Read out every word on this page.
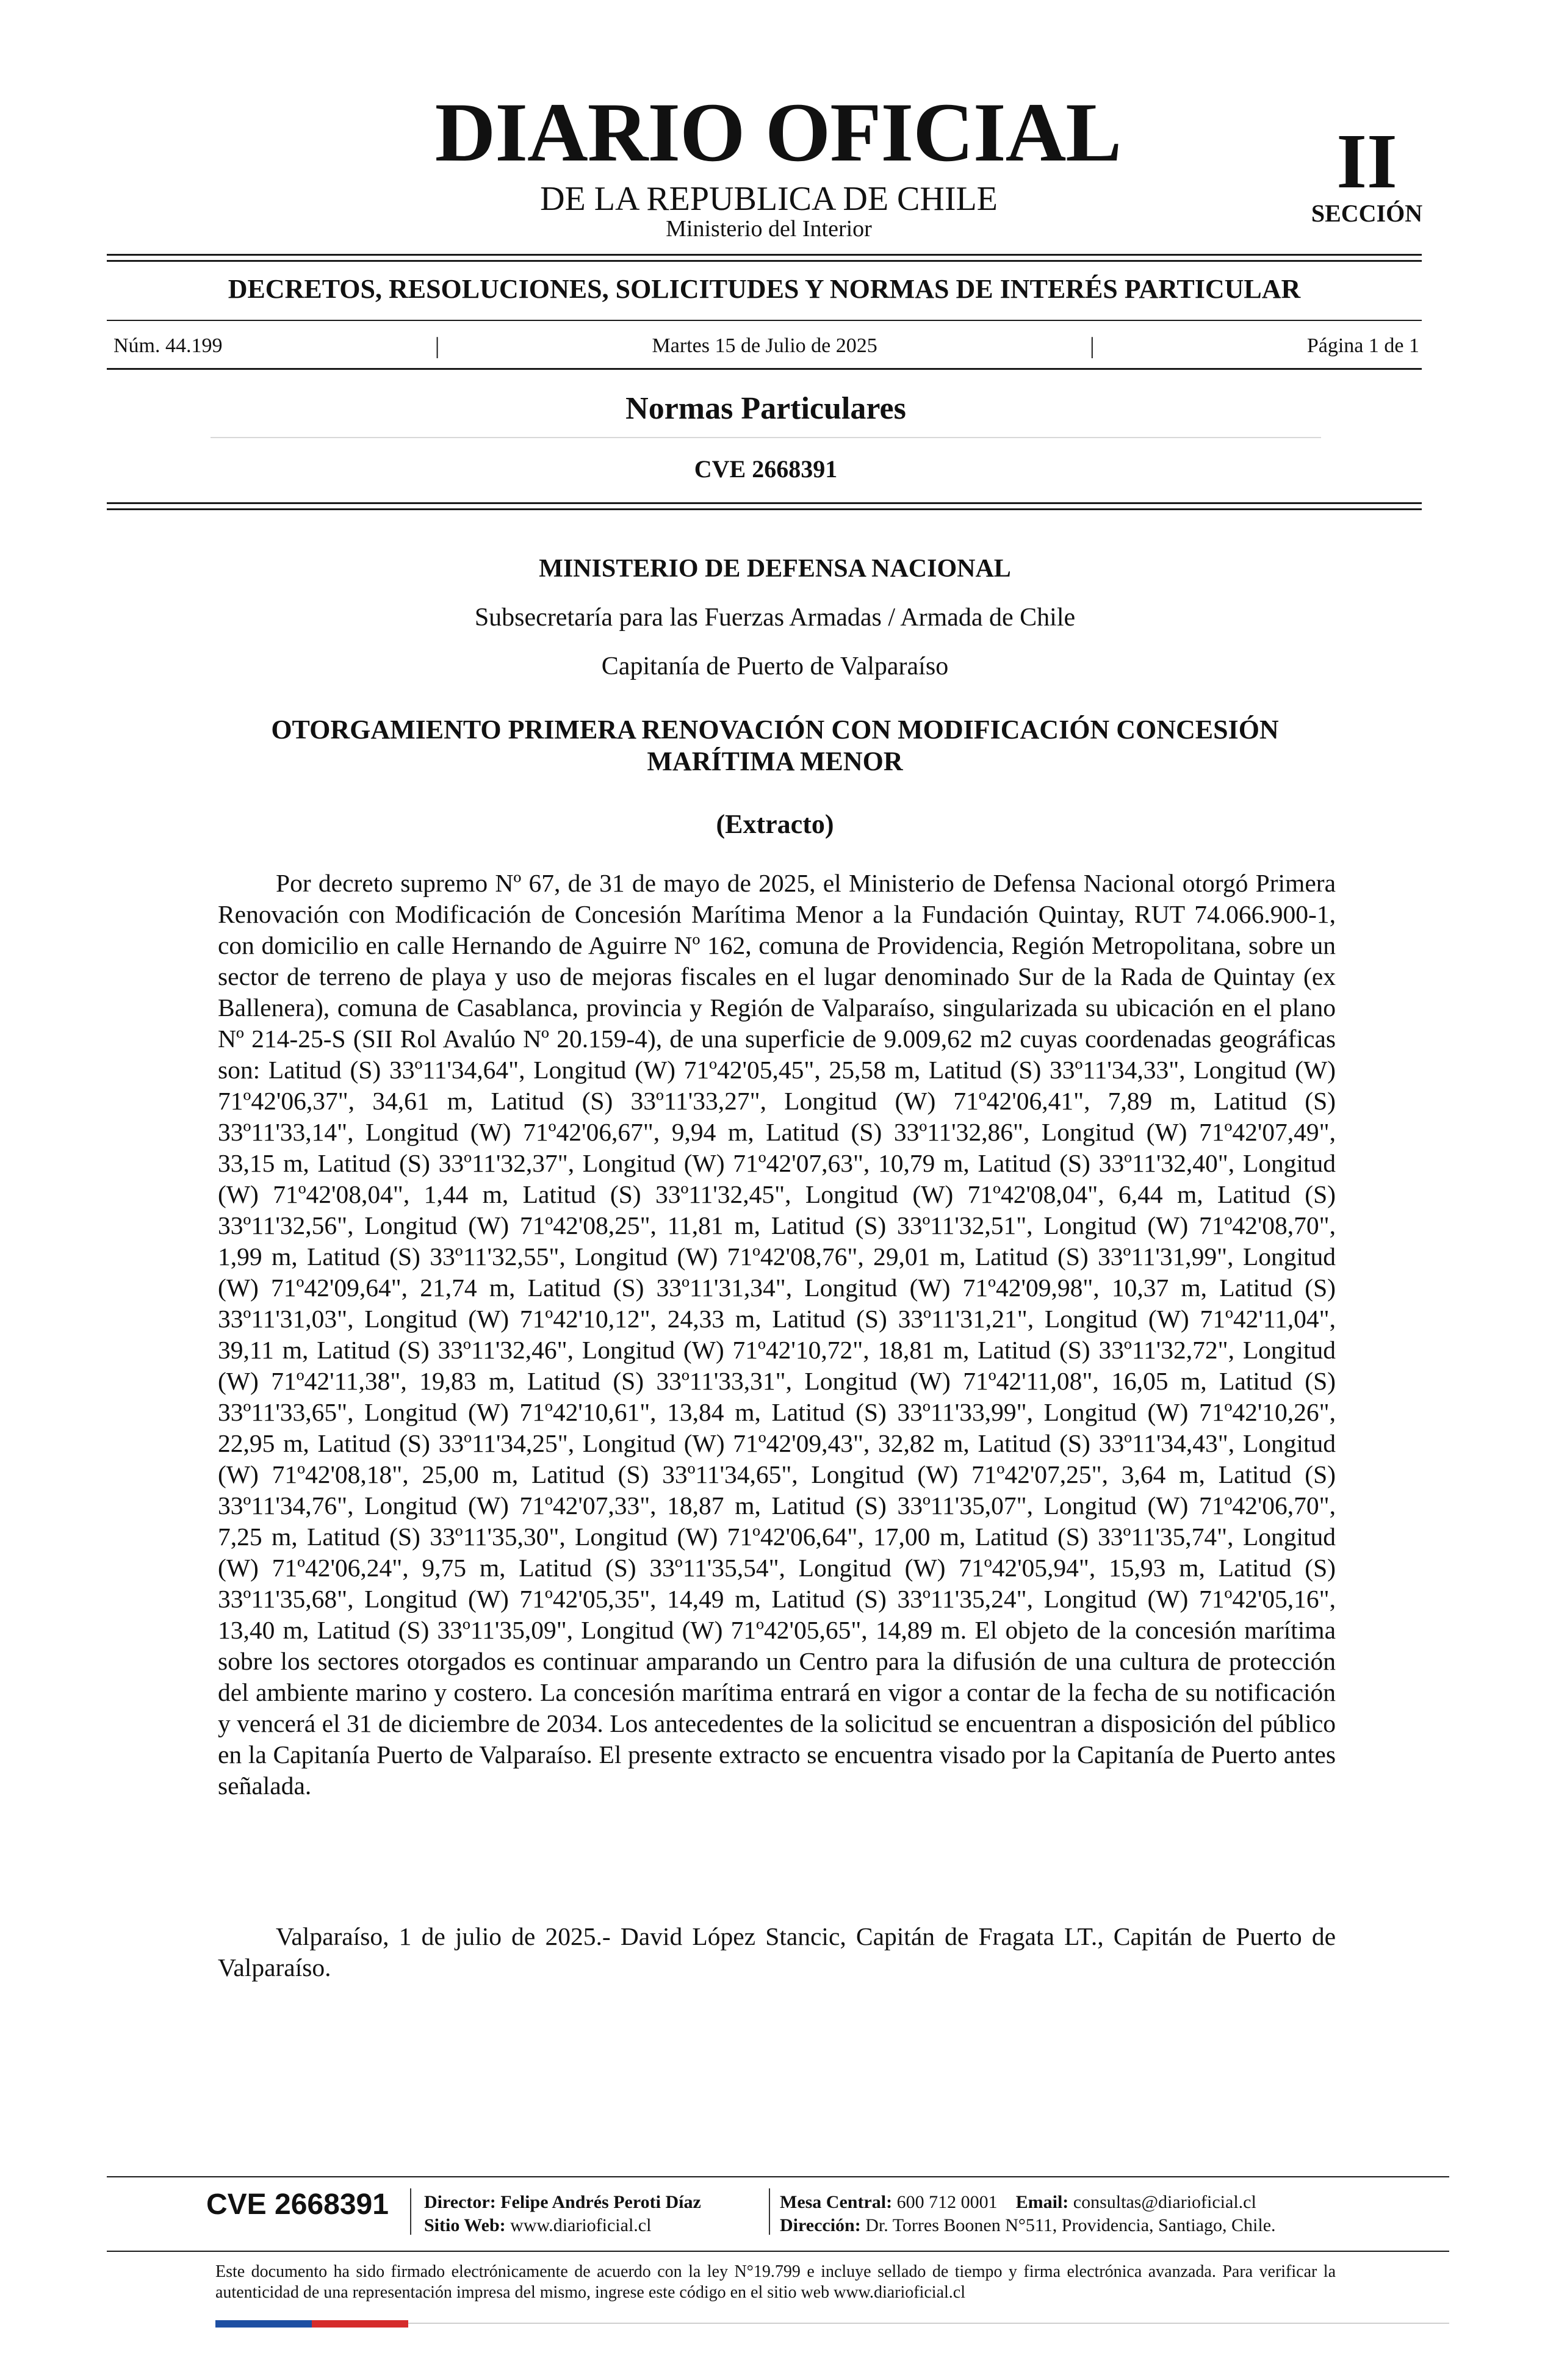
DIARIO OFICIAL
DE LA REPUBLICA DE CHILE
Ministerio del Interior
II
SECCIÓN
DECRETOS, RESOLUCIONES, SOLICITUDES Y NORMAS DE INTERÉS PARTICULAR
Núm. 44.199	|	Martes 15 de Julio de 2025	|	Página 1 de 1
Normas Particulares
CVE 2668391
MINISTERIO DE DEFENSA NACIONAL
Subsecretaría para las Fuerzas Armadas / Armada de Chile
Capitanía de Puerto de Valparaíso
OTORGAMIENTO PRIMERA RENOVACIÓN CON MODIFICACIÓN CONCESIÓN MARÍTIMA MENOR
(Extracto)

Por decreto supremo Nº 67, de 31 de mayo de 2025, el Ministerio de Defensa Nacional otorgó Primera Renovación con Modificación de Concesión Marítima Menor a la Fundación Quintay, RUT 74.066.900-1, con domicilio en calle Hernando de Aguirre Nº 162, comuna de Providencia, Región Metropolitana, sobre un sector de terreno de playa y uso de mejoras fiscales en el lugar denominado Sur de la Rada de Quintay (ex Ballenera), comuna de Casablanca, provincia y Región de Valparaíso, singularizada su ubicación en el plano Nº 214-25-S (SII Rol Avalúo Nº 20.159-4), de una superficie de 9.009,62 m2 cuyas coordenadas geográficas son: Latitud (S) 33º11'34,64", Longitud (W) 71º42'05,45", 25,58 m, Latitud (S) 33º11'34,33", Longitud (W) 71º42'06,37", 34,61 m, Latitud (S) 33º11'33,27", Longitud (W) 71º42'06,41", 7,89 m, Latitud (S) 33º11'33,14", Longitud (W) 71º42'06,67", 9,94 m, Latitud (S) 33º11'32,86", Longitud (W) 71º42'07,49", 33,15 m, Latitud (S) 33º11'32,37", Longitud (W) 71º42'07,63", 10,79 m, Latitud (S) 33º11'32,40", Longitud (W) 71º42'08,04", 1,44 m, Latitud (S) 33º11'32,45", Longitud (W) 71º42'08,04", 6,44 m, Latitud (S) 33º11'32,56", Longitud (W) 71º42'08,25", 11,81 m, Latitud (S) 33º11'32,51", Longitud (W) 71º42'08,70", 1,99 m, Latitud (S) 33º11'32,55", Longitud (W) 71º42'08,76", 29,01 m, Latitud (S) 33º11'31,99", Longitud (W) 71º42'09,64", 21,74 m, Latitud (S) 33º11'31,34", Longitud (W) 71º42'09,98", 10,37 m, Latitud (S) 33º11'31,03", Longitud (W) 71º42'10,12", 24,33 m, Latitud (S) 33º11'31,21", Longitud (W) 71º42'11,04", 39,11 m, Latitud (S) 33º11'32,46", Longitud (W) 71º42'10,72", 18,81 m, Latitud (S) 33º11'32,72", Longitud (W) 71º42'11,38", 19,83 m, Latitud (S) 33º11'33,31", Longitud (W) 71º42'11,08", 16,05 m, Latitud (S) 33º11'33,65", Longitud (W) 71º42'10,61", 13,84 m, Latitud (S) 33º11'33,99", Longitud (W) 71º42'10,26", 22,95 m, Latitud (S) 33º11'34,25", Longitud (W) 71º42'09,43", 32,82 m, Latitud (S) 33º11'34,43", Longitud (W) 71º42'08,18", 25,00 m, Latitud (S) 33º11'34,65", Longitud (W) 71º42'07,25", 3,64 m, Latitud (S) 33º11'34,76", Longitud (W) 71º42'07,33", 18,87 m, Latitud (S) 33º11'35,07", Longitud (W) 71º42'06,70", 7,25 m, Latitud (S) 33º11'35,30", Longitud (W) 71º42'06,64", 17,00 m, Latitud (S) 33º11'35,74", Longitud (W) 71º42'06,24", 9,75 m, Latitud (S) 33º11'35,54", Longitud (W) 71º42'05,94", 15,93 m, Latitud (S) 33º11'35,68", Longitud (W) 71º42'05,35", 14,49 m, Latitud (S) 33º11'35,24", Longitud (W) 71º42'05,16", 13,40 m, Latitud (S) 33º11'35,09", Longitud (W) 71º42'05,65", 14,89 m. El objeto de la concesión marítima sobre los sectores otorgados es continuar amparando un Centro para la difusión de una cultura de protección del ambiente marino y costero. La concesión marítima entrará en vigor a contar de la fecha de su notificación y vencerá el 31 de diciembre de 2034. Los antecedentes de la solicitud se encuentran a disposición del público en la Capitanía Puerto de Valparaíso. El presente extracto se encuentra visado por la Capitanía de Puerto antes señalada.

Valparaíso, 1 de julio de 2025.- David López Stancic, Capitán de Fragata LT., Capitán de Puerto de Valparaíso.

CVE 2668391	Director: Felipe Andrés Peroti Díaz
Sitio Web: www.diarioficial.cl
Mesa Central: 600 712 0001 Email: consultas@diarioficial.cl
Dirección: Dr. Torres Boonen N°511, Providencia, Santiago, Chile.

Este documento ha sido firmado electrónicamente de acuerdo con la ley N°19.799 e incluye sellado de tiempo y firma electrónica avanzada. Para verificar la autenticidad de una representación impresa del mismo, ingrese este código en el sitio web www.diarioficial.cl
